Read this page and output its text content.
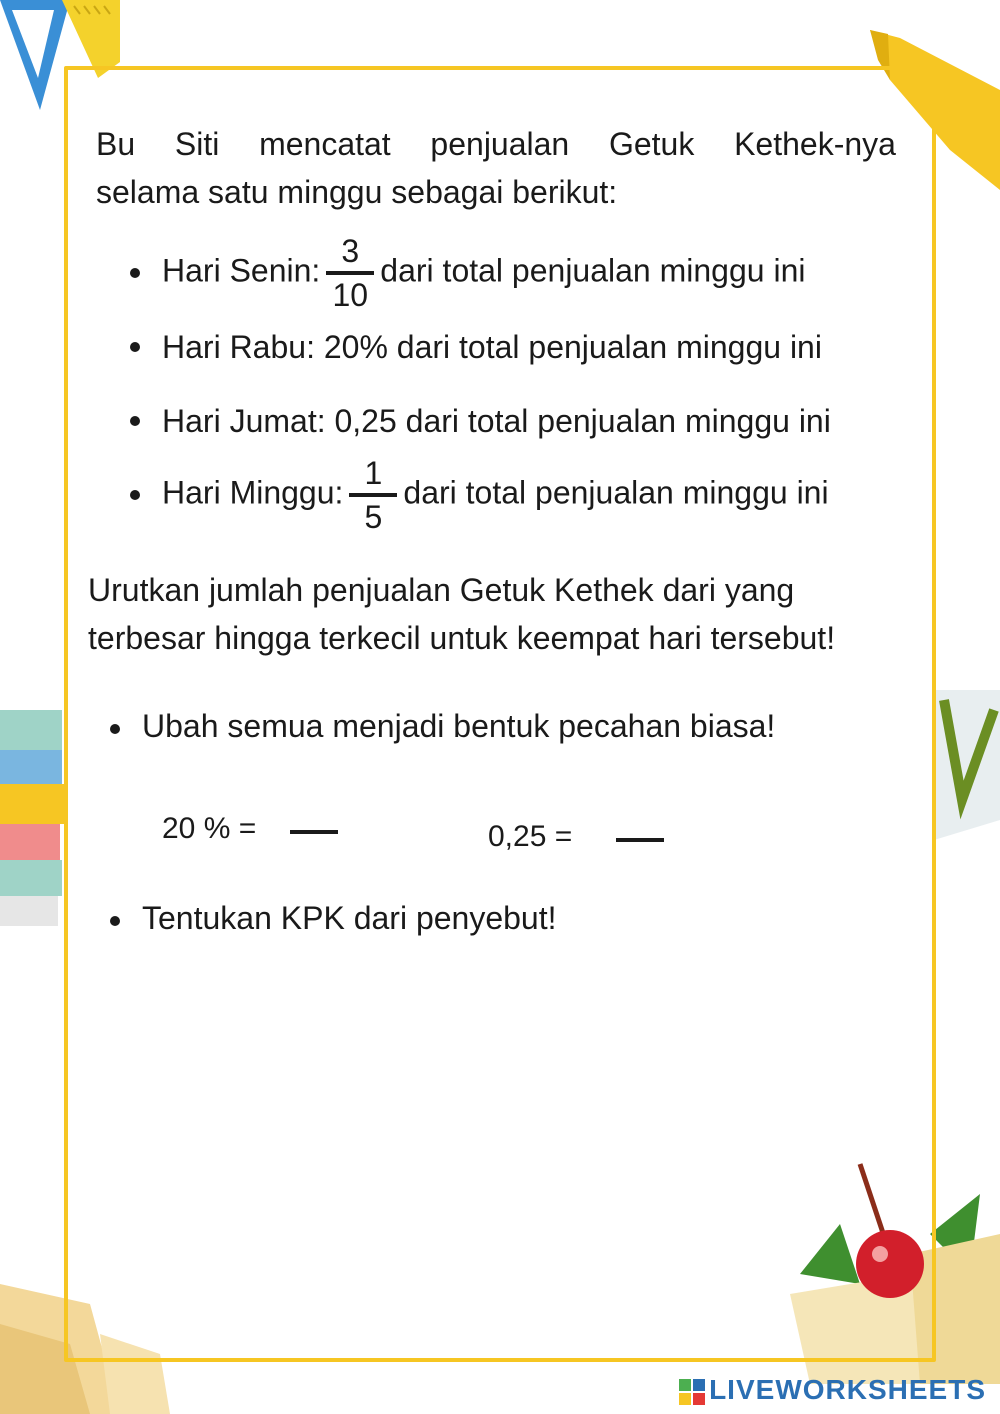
Bu Siti mencatat penjualan Getuk Kethek-nya
selama satu minggu sebagai berikut:
Hari Senin: $\frac{3}{10}$ dari total penjualan minggu ini
Hari Rabu: 20% dari total penjualan minggu ini
Hari Jumat: 0,25 dari total penjualan minggu ini
Hari Minggu: $\frac{1}{5}$ dari total penjualan minggu ini
Urutkan jumlah penjualan Getuk Kethek dari yang
terbesar hingga terkecil untuk keempat hari tersebut!
Ubah semua menjadi bentuk pecahan biasa!
20 % =	0,25 =
Tentukan KPK dari penyebut!
LIVEWORKSHEETS
